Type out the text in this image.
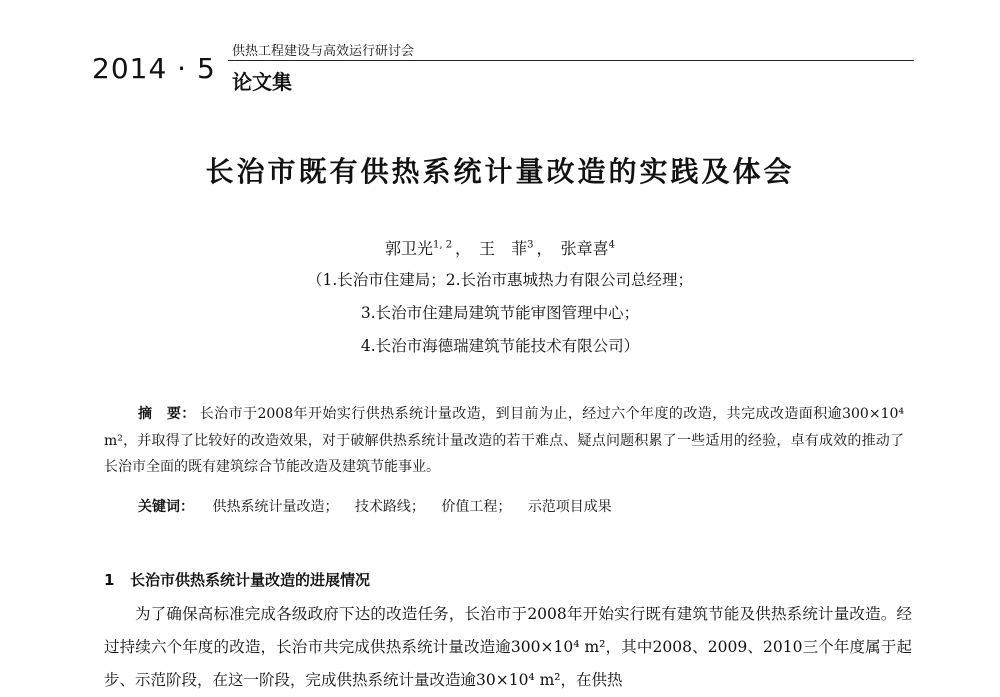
2014 · 5
供热工程建设与高效运行研讨会
论文集
长治市既有供热系统计量改造的实践及体会
郭卫光$^{1, 2}$ ， 王　菲$^3$ ， 张章喜$^4$
（1.长治市住建局；2.长治市惠城热力有限公司总经理；
3.长治市住建局建筑节能审图管理中心；
4.长治市海德瑞建筑节能技术有限公司）
摘　要： 长治市于2008年开始实行供热系统计量改造，到目前为止，经过六个年度的改造，共完成改造面积逾300×10⁴ m²，并取得了比较好的改造效果，对于破解供热系统计量改造的若干难点、疑点问题积累了一些适用的经验，卓有成效的推动了长治市全面的既有建筑综合节能改造及建筑节能事业。
关键词： 供热系统计量改造； 技术路线； 价值工程； 示范项目成果
1 长治市供热系统计量改造的进展情况
为了确保高标准完成各级政府下达的改造任务，长治市于2008年开始实行既有建筑节能及供热系统计量改造。经过持续六个年度的改造，长治市共完成供热系统计量改造逾300×10⁴ m²，其中2008、2009、2010三个年度属于起步、示范阶段，在这一阶段，完成供热系统计量改造逾30×10⁴ m²，在供热
